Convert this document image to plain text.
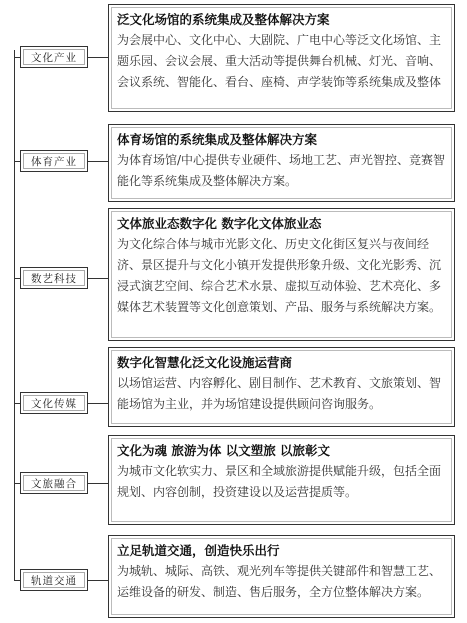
文化产业
泛文化场馆的系统集成及整体解决方案
为会展中心、文化中心、大剧院、广电中心等泛文化场馆、主题乐园、会议会展、重大活动等提供舞台机械、灯光、音响、会议系统、智能化、看台、座椅、声学装饰等系统集成及整体
体育产业
体育场馆的系统集成及整体解决方案
为体育场馆/中心提供专业硬件、场地工艺、声光智控、竞赛智能化等系统集成及整体解决方案。
数艺科技
文体旅业态数字化 数字化文体旅业态
为文化综合体与城市光影文化、历史文化街区复兴与夜间经济、景区提升与文化小镇开发提供形象升级、文化光影秀、沉浸式演艺空间、综合艺术水景、虚拟互动体验、艺术亮化、多媒体艺术装置等文化创意策划、产品、服务与系统解决方案。
文化传媒
数字化智慧化泛文化设施运营商
以场馆运营、内容孵化、剧目制作、艺术教育、文旅策划、智能场馆为主业，并为场馆建设提供顾问咨询服务。
文旅融合
文化为魂 旅游为体 以文塑旅 以旅彰文
为城市文化软实力、景区和全域旅游提供赋能升级，包括全面规划、内容创制，投资建设以及运营提质等。
轨道交通
立足轨道交通，创造快乐出行
为城轨、城际、高铁、观光列车等提供关键部件和智慧工艺、运维设备的研发、制造、售后服务，全方位整体解决方案。
